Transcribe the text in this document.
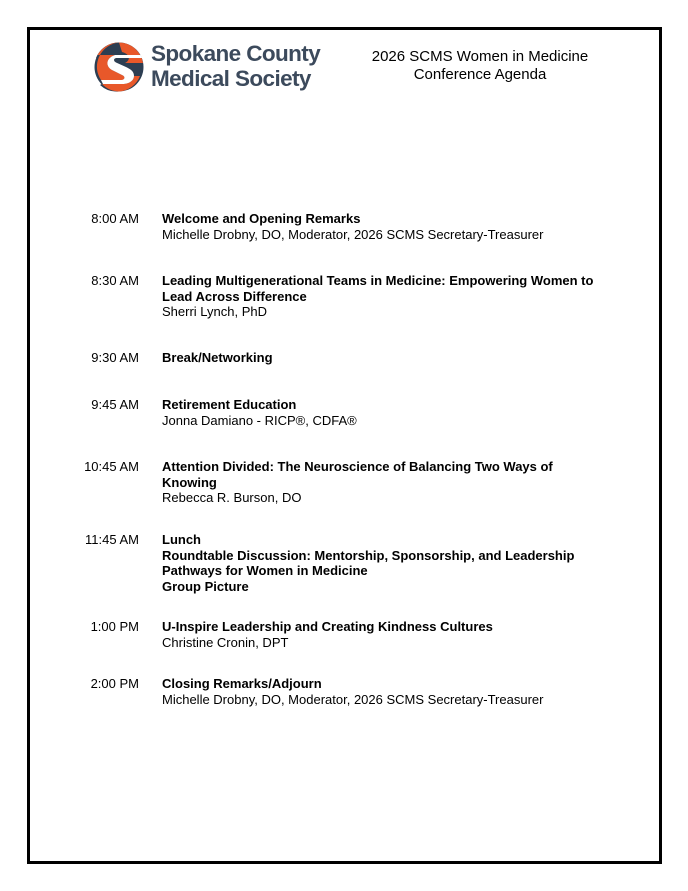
Spokane County
Medical Society
2026 SCMS Women in Medicine
Conference Agenda
8:00 AM Welcome and Opening Remarks
Michelle Drobny, DO, Moderator, 2026 SCMS Secretary-Treasurer
8:30 AM Leading Multigenerational Teams in Medicine: Empowering Women to
Lead Across Difference
Sherri Lynch, PhD
9:30 AM Break/Networking
9:45 AM Retirement Education
Jonna Damiano - RICP®, CDFA®
10:45 AM Attention Divided: The Neuroscience of Balancing Two Ways of
Knowing
Rebecca R. Burson, DO
11:45 AM Lunch
Roundtable Discussion: Mentorship, Sponsorship, and Leadership
Pathways for Women in Medicine
Group Picture
1:00 PM U-Inspire Leadership and Creating Kindness Cultures
Christine Cronin, DPT
2:00 PM Closing Remarks/Adjourn
Michelle Drobny, DO, Moderator, 2026 SCMS Secretary-Treasurer
